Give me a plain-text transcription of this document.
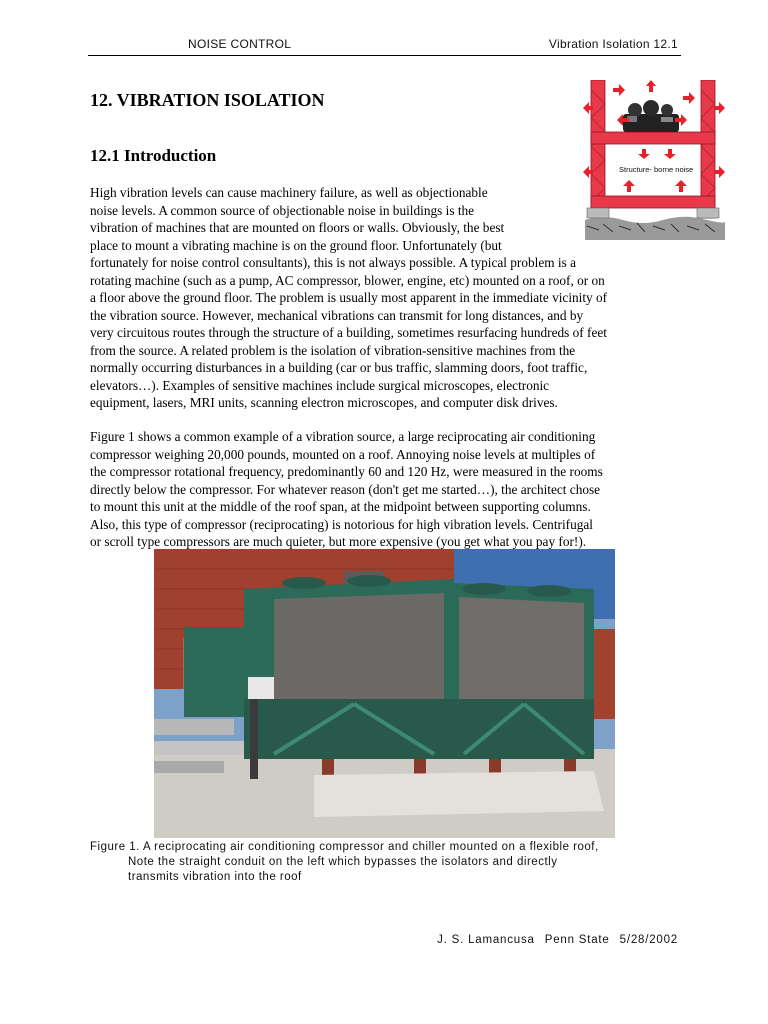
NOISE CONTROL	Vibration Isolation 12.1
12. VIBRATION ISOLATION
12.1 Introduction

High vibration levels can cause machinery failure, as well as objectionable
noise levels. A common source of objectionable noise in buildings is the
vibration of machines that are mounted on floors or walls. Obviously, the best
place to mount a vibrating machine is on the ground floor. Unfortunately (but
fortunately for noise control consultants), this is not always possible. A typical problem is a
rotating machine (such as a pump, AC compressor, blower, engine, etc) mounted on a roof, or on
a floor above the ground floor. The problem is usually most apparent in the immediate vicinity of
the vibration source. However, mechanical vibrations can transmit for long distances, and by
very circuitous routes through the structure of a building, sometimes resurfacing hundreds of feet
from the source. A related problem is the isolation of vibration-sensitive machines from the
normally occurring disturbances in a building (car or bus traffic, slamming doors, foot traffic,
elevators…). Examples of sensitive machines include surgical microscopes, electronic
equipment, lasers, MRI units, scanning electron microscopes, and computer disk drives.

Figure 1 shows a common example of a vibration source, a large reciprocating air conditioning
compressor weighing 20,000 pounds, mounted on a roof. Annoying noise levels at multiples of
the compressor rotational frequency, predominantly 60 and 120 Hz, were measured in the rooms
directly below the compressor. For whatever reason (don't get me started…), the architect chose
to mount this unit at the middle of the roof span, at the midpoint between supporting columns.
Also, this type of compressor (reciprocating) is notorious for high vibration levels. Centrifugal
or scroll type compressors are much quieter, but more expensive (you get what you pay for!).

Structure- borne noise

Figure 1. A reciprocating air conditioning compressor and chiller mounted on a flexible roof,
Note the straight conduit on the left which bypasses the isolators and directly
transmits vibration into the roof

J. S. Lamancusa Penn State 5/28/2002
